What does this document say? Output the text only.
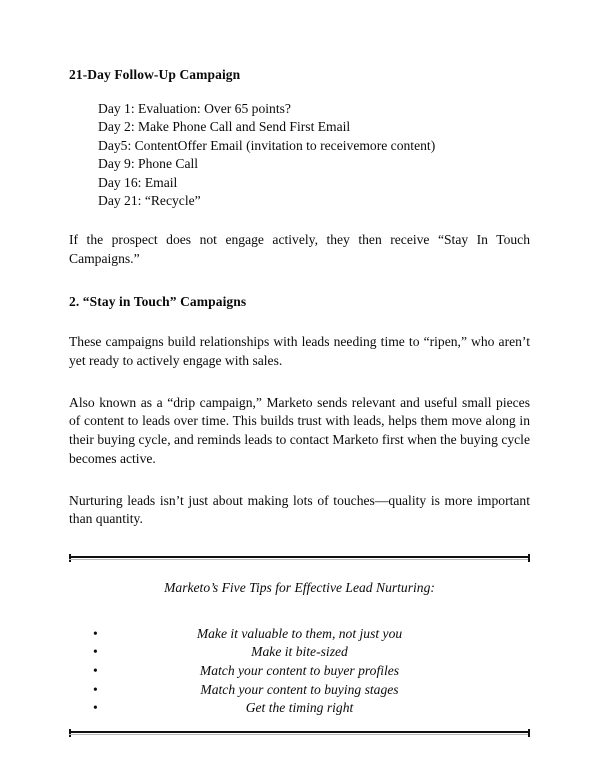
21-Day Follow-Up Campaign
Day 1: Evaluation: Over 65 points?
Day 2: Make Phone Call and Send First Email
Day5: ContentOffer Email (invitation to receivemore content)
Day 9: Phone Call
Day 16: Email
Day 21: “Recycle”

If the prospect does not engage actively, they then receive “Stay In Touch Campaigns.”

2. “Stay in Touch” Campaigns

These campaigns build relationships with leads needing time to “ripen,” who aren’t yet ready to actively engage with sales.

Also known as a “drip campaign,” Marketo sends relevant and useful small pieces of content to leads over time. This builds trust with leads, helps them move along in their buying cycle, and reminds leads to contact Marketo first when the buying cycle becomes active.

Nurturing leads isn’t just about making lots of touches—quality is more important than quantity.

Marketo’s Five Tips for Effective Lead Nurturing:

•	Make it valuable to them, not just you
•	Make it bite-sized
•	Match your content to buyer profiles
•	Match your content to buying stages
•	Get the timing right
